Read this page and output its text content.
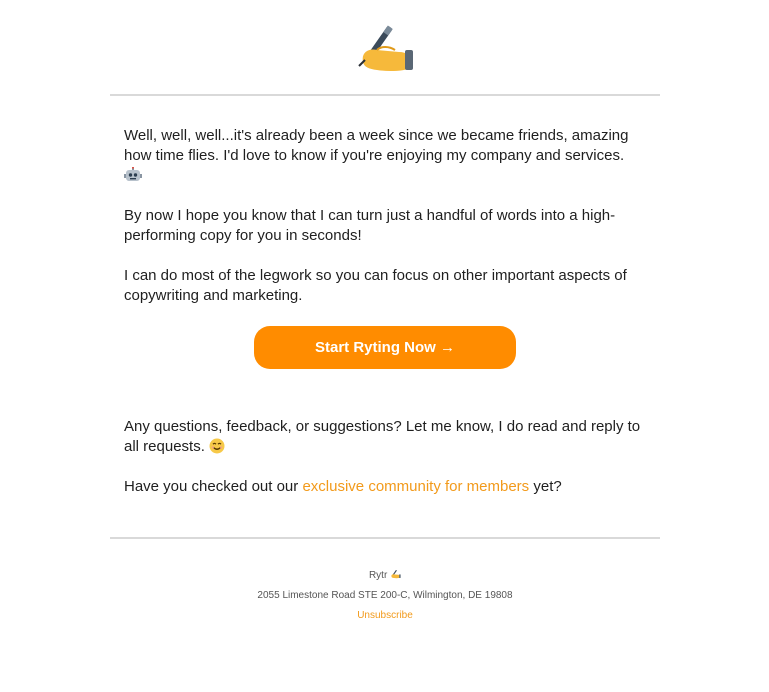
Well, well, well...it's already been a week since we became friends, amazing how time flies. I'd love to know if you're enjoying my company and services.

By now I hope you know that I can turn just a handful of words into a high-performing copy for you in seconds!

I can do most of the legwork so you can focus on other important aspects of copywriting and marketing.

Start Ryting Now →

Any questions, feedback, or suggestions? Let me know, I do read and reply to all requests.

Have you checked out our exclusive community for members yet?

Rytr
2055 Limestone Road STE 200-C, Wilmington, DE 19808
Unsubscribe
